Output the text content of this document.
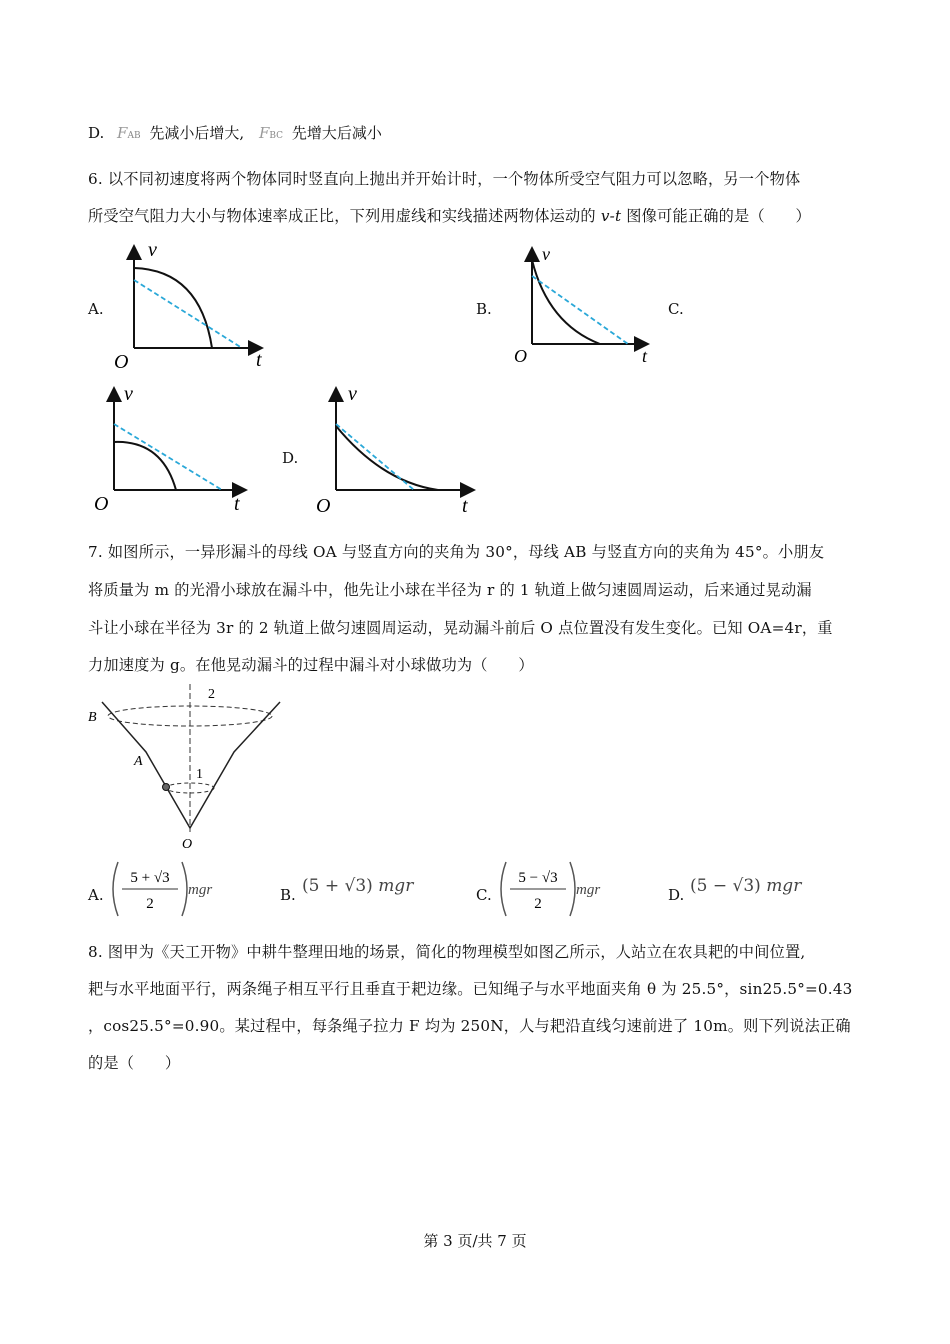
D. FAB 先减小后增大, FBC 先增大后减小
6. 以不同初速度将两个物体同时竖直向上抛出并开始计时，一个物体所受空气阻力可以忽略，另一个物体
所受空气阻力大小与物体速率成正比，下列用虚线和实线描述两物体运动的 v-t 图像可能正确的是（　　）
A.	B.	C.
D.
v
t
O
v
t
O
v
t
O
v
t
O
7. 如图所示，一异形漏斗的母线 OA 与竖直方向的夹角为 30°，母线 AB 与竖直方向的夹角为 45°。小朋友
将质量为 m 的光滑小球放在漏斗中，他先让小球在半径为 r 的 1 轨道上做匀速圆周运动，后来通过晃动漏
斗让小球在半径为 3r 的 2 轨道上做匀速圆周运动，晃动漏斗前后 O 点位置没有发生变化。已知 OA=4r，重
力加速度为 g。在他晃动漏斗的过程中漏斗对小球做功为（　　）
B
A
O
1
2
A.
5 + √3
2
mgr	B. (5 + √3) mgr	C.
5 − √3
2
mgr	D. (5 − √3) mgr
8. 图甲为《天工开物》中耕牛整理田地的场景，简化的物理模型如图乙所示，人站立在农具耙的中间位置,
耙与水平地面平行，两条绳子相互平行且垂直于耙边缘。已知绳子与水平地面夹角 θ 为 25.5°，sin25.5°=0.43
，cos25.5°=0.90。某过程中，每条绳子拉力 F 均为 250N，人与耙沿直线匀速前进了 10m。则下列说法正确
的是（　　）
第 3 页/共 7 页
